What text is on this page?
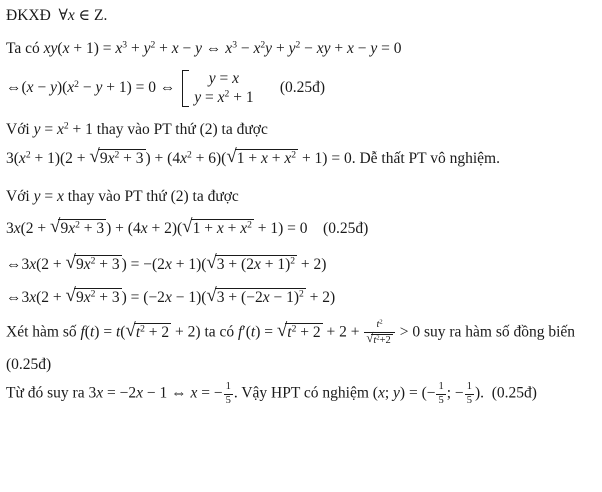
ĐKXĐ  ∀x ∈ Z.
Ta có $xy(x + 1) = x^3 + y^2 + x - y$ ⇔ $x^3 - x^2y + y^2$ − xy + x − y = 0
⇔(x − $y)(x^2 - y + 1) = 0$ ⇔
y = x
$y = x^2 + 1$
(0.25đ)
Với $y = x^2 + 1$ thay vào PT thứ (2) ta được
$3(x^2 + 1)(2$ + √ $9x^2 + 3$ ) + $(4x^2 + 6)$( √ $1 + x + x^2 + 1) = 0$. Dễ thất PT vô nghiệm.
Với y = x thay vào PT thứ (2) ta được
3x(2 + √ $9x^2 + 3$ ) + (4x + 2)( √ $1 + x + x^2 + 1) = 0$    (0.25đ)
⇔3x(2 + √ $9x^2 + 3$ ) = −(2x + 1)( √ $3 + (2x + 1)^2 + 2$)
⇔3x(2 + √ $9x^2 + 3$ ) = (−2x − 1)( √ $3 + (-2x - 1)^2 + 2$)
Xét hàm số f(t) = t( √ $t^2 + 2 + 2$) ta có f′(t) = √ $t^2 + 2 + 2 + \frac{t^2}{√ t^2+2} > 0$ suy ra hàm số đồng biến
(0.25đ)
Từ đó suy ra 3x = −2x − 1 ⇔ x = − $\frac{1}{5}$ . Vậy HPT có nghiệm (x; y) = (− $\frac{1}{5}$ ; − $\frac{1}{5}$ ).  (0.25đ)
